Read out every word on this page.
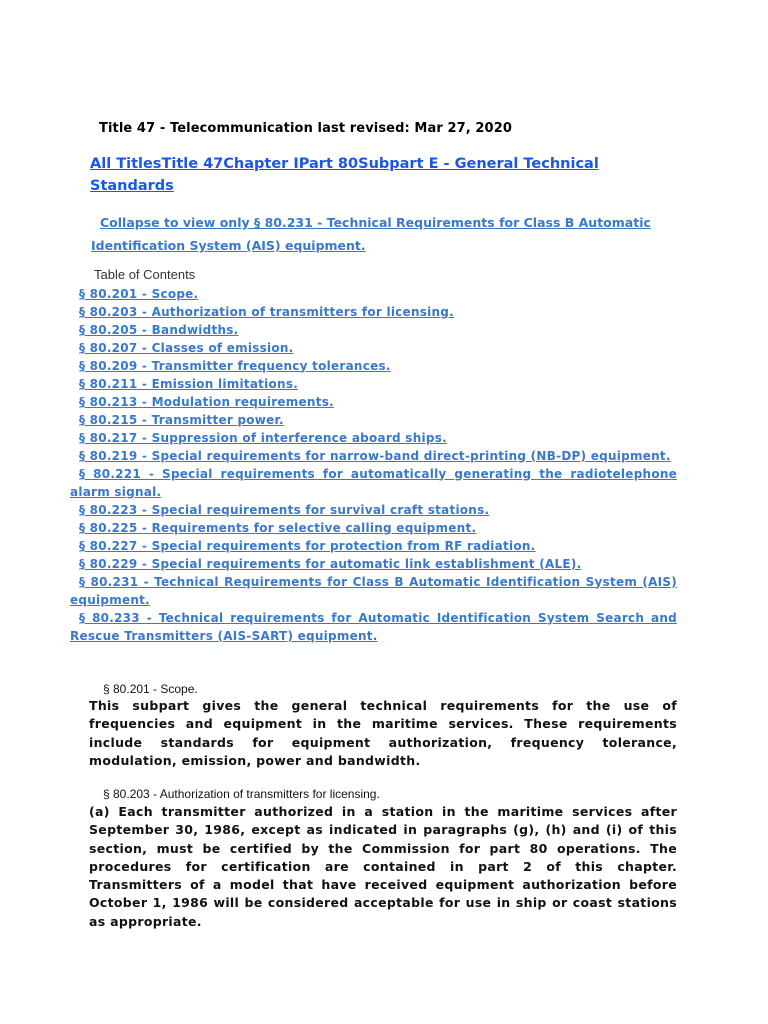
Title 47 - Telecommunication last revised: Mar 27, 2020
All TitlesTitle 47Chapter IPart 80Subpart E - General Technical Standards
Collapse to view only § 80.231 - Technical Requirements for Class B Automatic Identification System (AIS) equipment.
Table of Contents
§ 80.201 - Scope.
§ 80.203 - Authorization of transmitters for licensing.
§ 80.205 - Bandwidths.
§ 80.207 - Classes of emission.
§ 80.209 - Transmitter frequency tolerances.
§ 80.211 - Emission limitations.
§ 80.213 - Modulation requirements.
§ 80.215 - Transmitter power.
§ 80.217 - Suppression of interference aboard ships.
§ 80.219 - Special requirements for narrow-band direct-printing (NB-DP) equipment.
§ 80.221 - Special requirements for automatically generating the radiotelephone alarm signal.
§ 80.223 - Special requirements for survival craft stations.
§ 80.225 - Requirements for selective calling equipment.
§ 80.227 - Special requirements for protection from RF radiation.
§ 80.229 - Special requirements for automatic link establishment (ALE).
§ 80.231 - Technical Requirements for Class B Automatic Identification System (AIS) equipment.
§ 80.233 - Technical requirements for Automatic Identification System Search and Rescue Transmitters (AIS-SART) equipment.
§ 80.201 - Scope.

This subpart gives the general technical requirements for the use of frequencies and equipment in the maritime services. These requirements include standards for equipment authorization, frequency tolerance, modulation, emission, power and bandwidth.

§ 80.203 - Authorization of transmitters for licensing.

(a) Each transmitter authorized in a station in the maritime services after September 30, 1986, except as indicated in paragraphs (g), (h) and (i) of this section, must be certified by the Commission for part 80 operations. The procedures for certification are contained in part 2 of this chapter. Transmitters of a model that have received equipment authorization before October 1, 1986 will be considered acceptable for use in ship or coast stations as appropriate.
